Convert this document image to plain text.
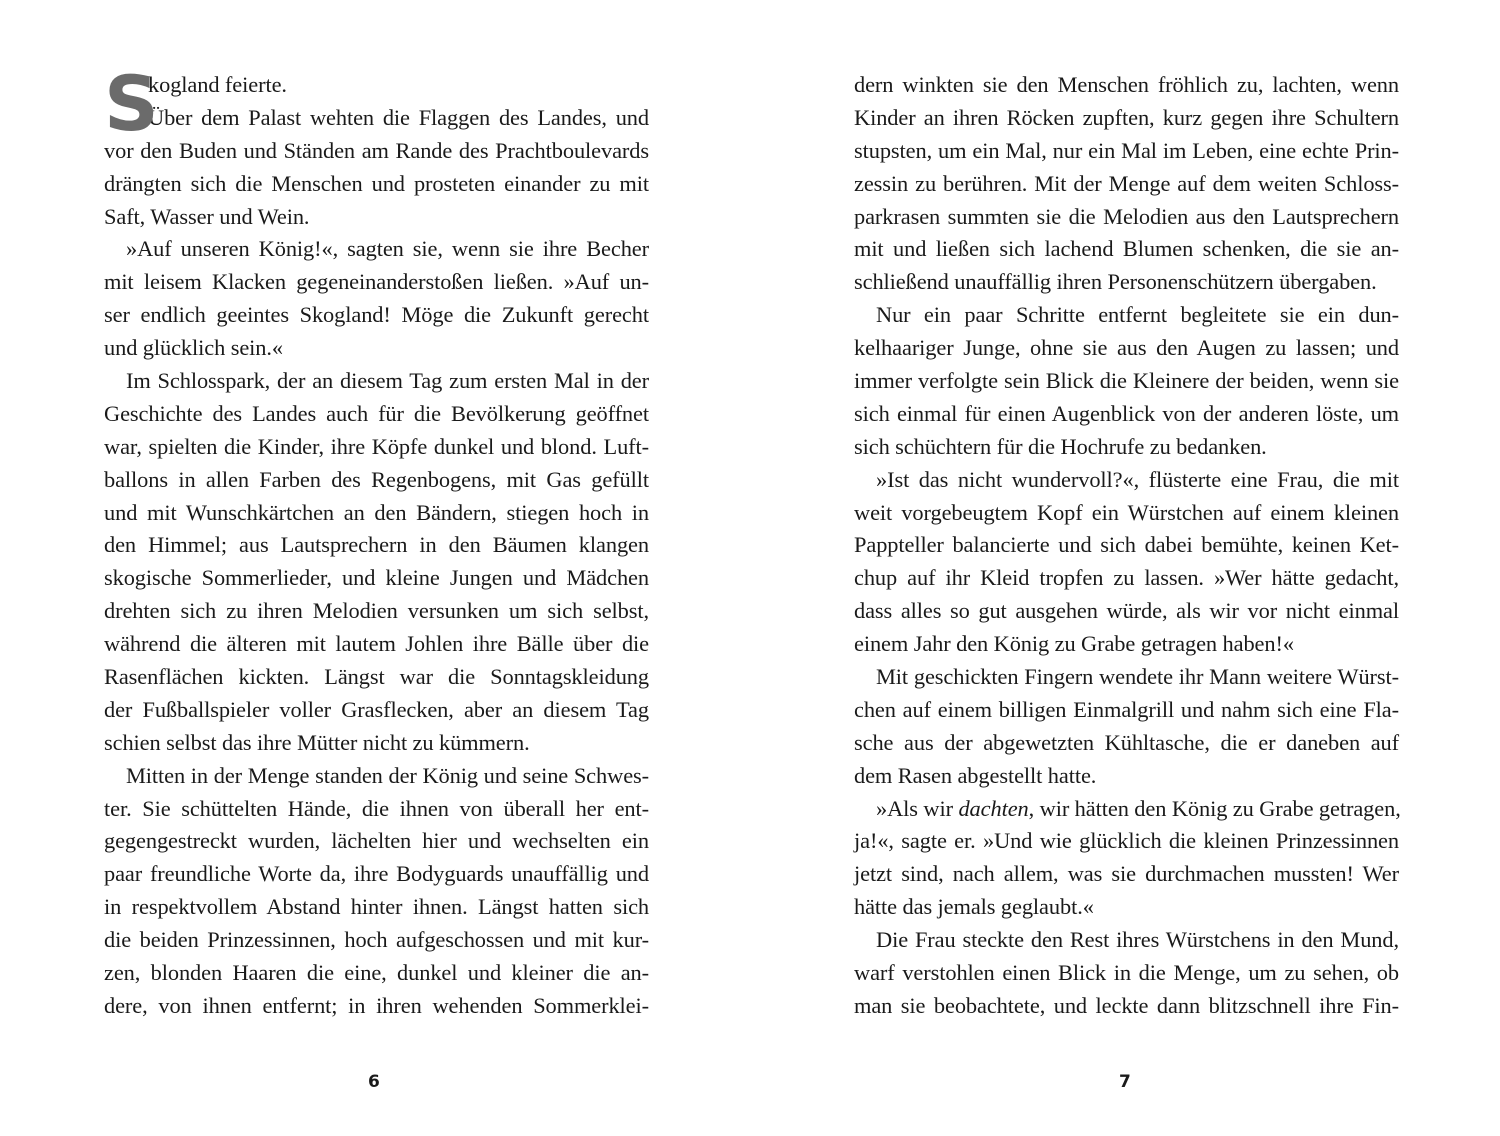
S
kogland feierte.
Über dem Palast wehten die Flaggen des Landes, und
vor den Buden und Ständen am Rande des Prachtboulevards
drängten sich die Menschen und prosteten einander zu mit
Saft, Wasser und Wein.
»Auf unseren König!«, sagten sie, wenn sie ihre Becher
mit leisem Klacken gegeneinanderstoßen ließen. »Auf un-
ser endlich geeintes Skogland! Möge die Zukunft gerecht
und glücklich sein.«
Im Schlosspark, der an diesem Tag zum ersten Mal in der
Geschichte des Landes auch für die Bevölkerung geöffnet
war, spielten die Kinder, ihre Köpfe dunkel und blond. Luft-
ballons in allen Farben des Regenbogens, mit Gas gefüllt
und mit Wunschkärtchen an den Bändern, stiegen hoch in
den Himmel; aus Lautsprechern in den Bäumen klangen
skogische Sommerlieder, und kleine Jungen und Mädchen
drehten sich zu ihren Melodien versunken um sich selbst,
während die älteren mit lautem Johlen ihre Bälle über die
Rasenflächen kickten. Längst war die Sonntagskleidung
der Fußballspieler voller Grasflecken, aber an diesem Tag
schien selbst das ihre Mütter nicht zu kümmern.
Mitten in der Menge standen der König und seine Schwes-
ter. Sie schüttelten Hände, die ihnen von überall her ent-
gegengestreckt wurden, lächelten hier und wechselten ein
paar freundliche Worte da, ihre Bodyguards unauffällig und
in respektvollem Abstand hinter ihnen. Längst hatten sich
die beiden Prinzessinnen, hoch aufgeschossen und mit kur-
zen, blonden Haaren die eine, dunkel und kleiner die an-
dere, von ihnen entfernt; in ihren wehenden Sommerklei-
6
dern winkten sie den Menschen fröhlich zu, lachten, wenn
Kinder an ihren Röcken zupften, kurz gegen ihre Schultern
stupsten, um ein Mal, nur ein Mal im Leben, eine echte Prin-
zessin zu berühren. Mit der Menge auf dem weiten Schloss-
parkrasen summten sie die Melodien aus den Lautsprechern
mit und ließen sich lachend Blumen schenken, die sie an-
schließend unauffällig ihren Personenschützern übergaben.
Nur ein paar Schritte entfernt begleitete sie ein dun-
kelhaariger Junge, ohne sie aus den Augen zu lassen; und
immer verfolgte sein Blick die Kleinere der beiden, wenn sie
sich einmal für einen Augenblick von der anderen löste, um
sich schüchtern für die Hochrufe zu bedanken.
»Ist das nicht wundervoll?«, flüsterte eine Frau, die mit
weit vorgebeugtem Kopf ein Würstchen auf einem kleinen
Pappteller balancierte und sich dabei bemühte, keinen Ket-
chup auf ihr Kleid tropfen zu lassen. »Wer hätte gedacht,
dass alles so gut ausgehen würde, als wir vor nicht einmal
einem Jahr den König zu Grabe getragen haben!«
Mit geschickten Fingern wendete ihr Mann weitere Würst-
chen auf einem billigen Einmalgrill und nahm sich eine Fla-
sche aus der abgewetzten Kühltasche, die er daneben auf
dem Rasen abgestellt hatte.
»Als wir dachten, wir hätten den König zu Grabe getragen,
ja!«, sagte er. »Und wie glücklich die kleinen Prinzessinnen
jetzt sind, nach allem, was sie durchmachen mussten! Wer
hätte das jemals geglaubt.«
Die Frau steckte den Rest ihres Würstchens in den Mund,
warf verstohlen einen Blick in die Menge, um zu sehen, ob
man sie beobachtete, und leckte dann blitzschnell ihre Fin-
7
